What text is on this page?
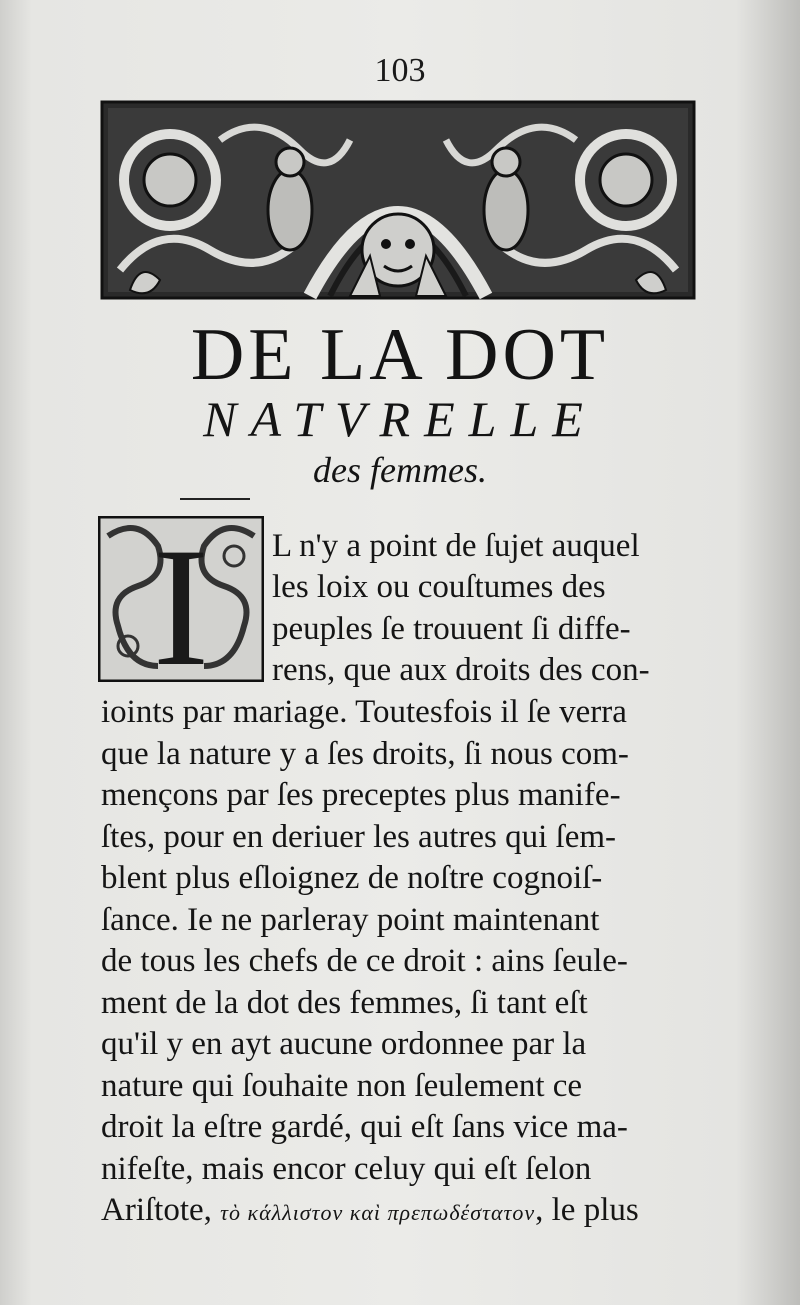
103
DE LA DOT
NATVRELLE
des femmes.
I L n'y a point de ſujet auquel
les loix ou couſtumes des
peuples ſe trouuent ſi diffe-
rens, que aux droits des con-
ioints par mariage. Toutesfois il ſe verra
que la nature y a ſes droits, ſi nous com-
mençons par ſes preceptes plus manife-
ſtes, pour en deriuer les autres qui ſem-
blent plus eſloignez de noſtre cognoiſ-
ſance. Ie ne parleray point maintenant
de tous les chefs de ce droit : ains ſeule-
ment de la dot des femmes, ſi tant eſt
qu'il y en ayt aucune ordonnee par la
nature qui ſouhaite non ſeulement ce
droit la eſtre gardé, qui eſt ſans vice ma-
nifeſte, mais encor celuy qui eſt ſelon
Ariſtote, τὸ κάλλιστον καὶ πρεπωδέστατον, le plus
